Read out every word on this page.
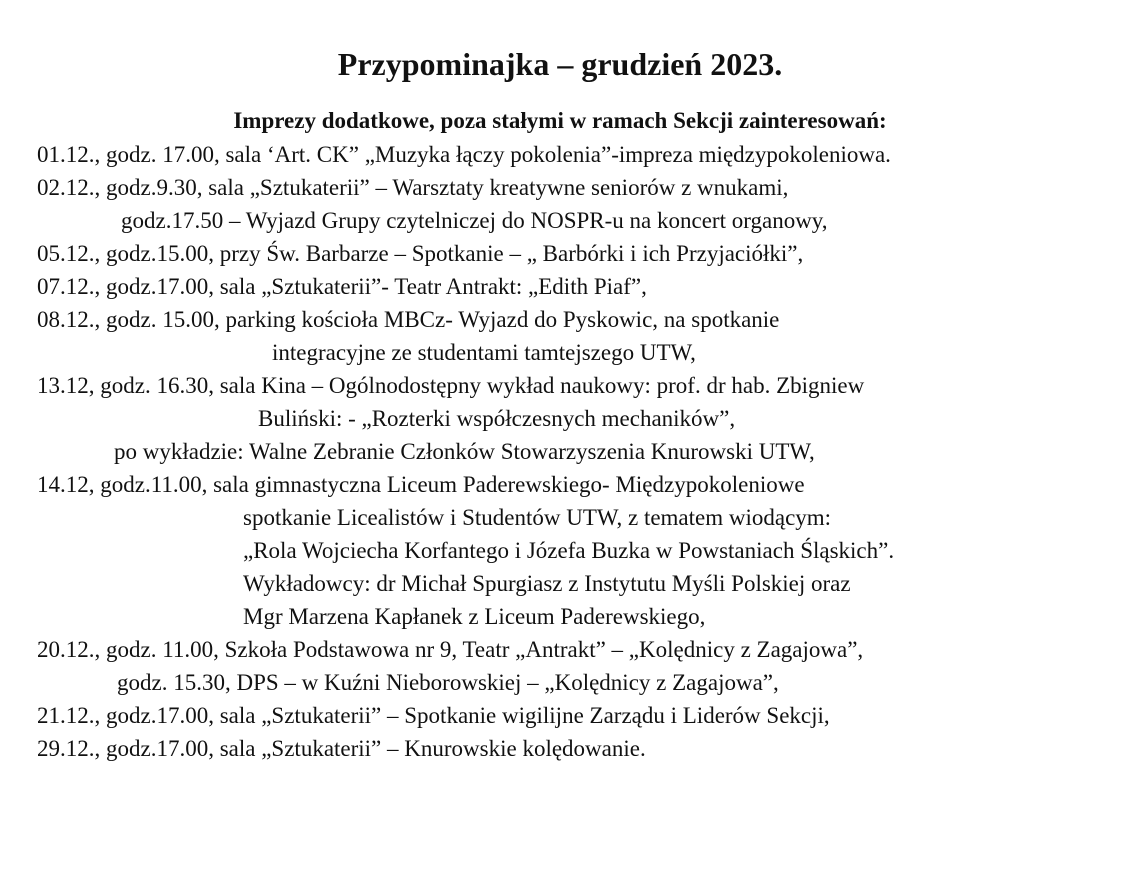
Przypominajka – grudzień 2023.
Imprezy dodatkowe, poza stałymi w ramach Sekcji zainteresowań:
01.12., godz. 17.00, sala ‘Art. CK” „Muzyka łączy pokolenia”-impreza międzypokoleniowa.
02.12., godz.9.30, sala „Sztukaterii” – Warsztaty kreatywne seniorów z wnukami,
godz.17.50 – Wyjazd Grupy czytelniczej do NOSPR-u na koncert organowy,
05.12., godz.15.00, przy Św. Barbarze – Spotkanie – „ Barbórki i ich Przyjaciółki”,
07.12., godz.17.00, sala „Sztukaterii”- Teatr Antrakt: „Edith Piaf”,
08.12., godz. 15.00, parking kościoła MBCz- Wyjazd do Pyskowic, na spotkanie
integracyjne ze studentami tamtejszego UTW,
13.12, godz. 16.30, sala Kina – Ogólnodostępny wykład naukowy: prof. dr hab. Zbigniew
Buliński: - „Rozterki współczesnych mechaników”,
po wykładzie: Walne Zebranie Członków Stowarzyszenia Knurowski UTW,
14.12, godz.11.00, sala gimnastyczna Liceum Paderewskiego- Międzypokoleniowe
spotkanie Licealistów i Studentów UTW, z tematem wiodącym:
„Rola Wojciecha Korfantego i Józefa Buzka w Powstaniach Śląskich”.
Wykładowcy: dr Michał Spurgiasz z Instytutu Myśli Polskiej oraz
Mgr Marzena Kapłanek z Liceum Paderewskiego,
20.12., godz. 11.00, Szkoła Podstawowa nr 9, Teatr „Antrakt” – „Kolędnicy z Zagajowa”,
godz. 15.30, DPS – w Kuźni Nieborowskiej – „Kolędnicy z Zagajowa”,
21.12., godz.17.00, sala „Sztukaterii” – Spotkanie wigilijne Zarządu i Liderów Sekcji,
29.12., godz.17.00, sala „Sztukaterii” – Knurowskie kolędowanie.
